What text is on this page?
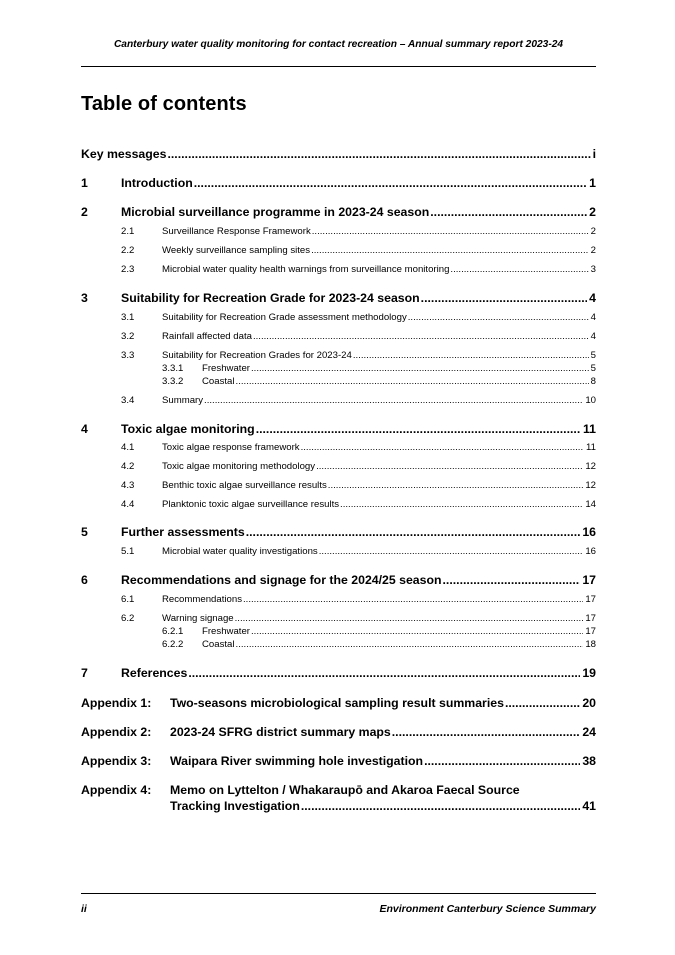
Canterbury water quality monitoring for contact recreation – Annual summary report 2023-24
Table of contents
Key messages .....	i
1	Introduction .....	1
2	Microbial surveillance programme in 2023-24 season .....	2
2.1	Surveillance Response Framework .....	2
2.2	Weekly surveillance sampling sites .....	2
2.3	Microbial water quality health warnings from surveillance monitoring .....	3
3	Suitability for Recreation Grade for 2023-24 season .....	4
3.1	Suitability for Recreation Grade assessment methodology .....	4
3.2	Rainfall affected data .....	4
3.3	Suitability for Recreation Grades for 2023-24 .....	5
3.3.1 Freshwater .....	5
3.3.2 Coastal .....	8
3.4	Summary .....	10
4	Toxic algae monitoring .....	11
4.1	Toxic algae response framework .....	11
4.2	Toxic algae monitoring methodology .....	12
4.3	Benthic toxic algae surveillance results .....	12
4.4	Planktonic toxic algae surveillance results .....	14
5	Further assessments .....	16
5.1	Microbial water quality investigations .....	16
6	Recommendations and signage for the 2024/25 season .....	17
6.1	Recommendations .....	17
6.2	Warning signage .....	17
6.2.1 Freshwater .....	17
6.2.2 Coastal .....	18
7	References .....	19
Appendix 1: Two-seasons microbiological sampling result summaries .....	20
Appendix 2: 2023-24 SFRG district summary maps .....	24
Appendix 3: Waipara River swimming hole investigation .....	38
Appendix 4: Memo on Lyttelton / Whakaraupō and Akaroa Faecal Source
Tracking Investigation .....	41
ii	Environment Canterbury Science Summary
